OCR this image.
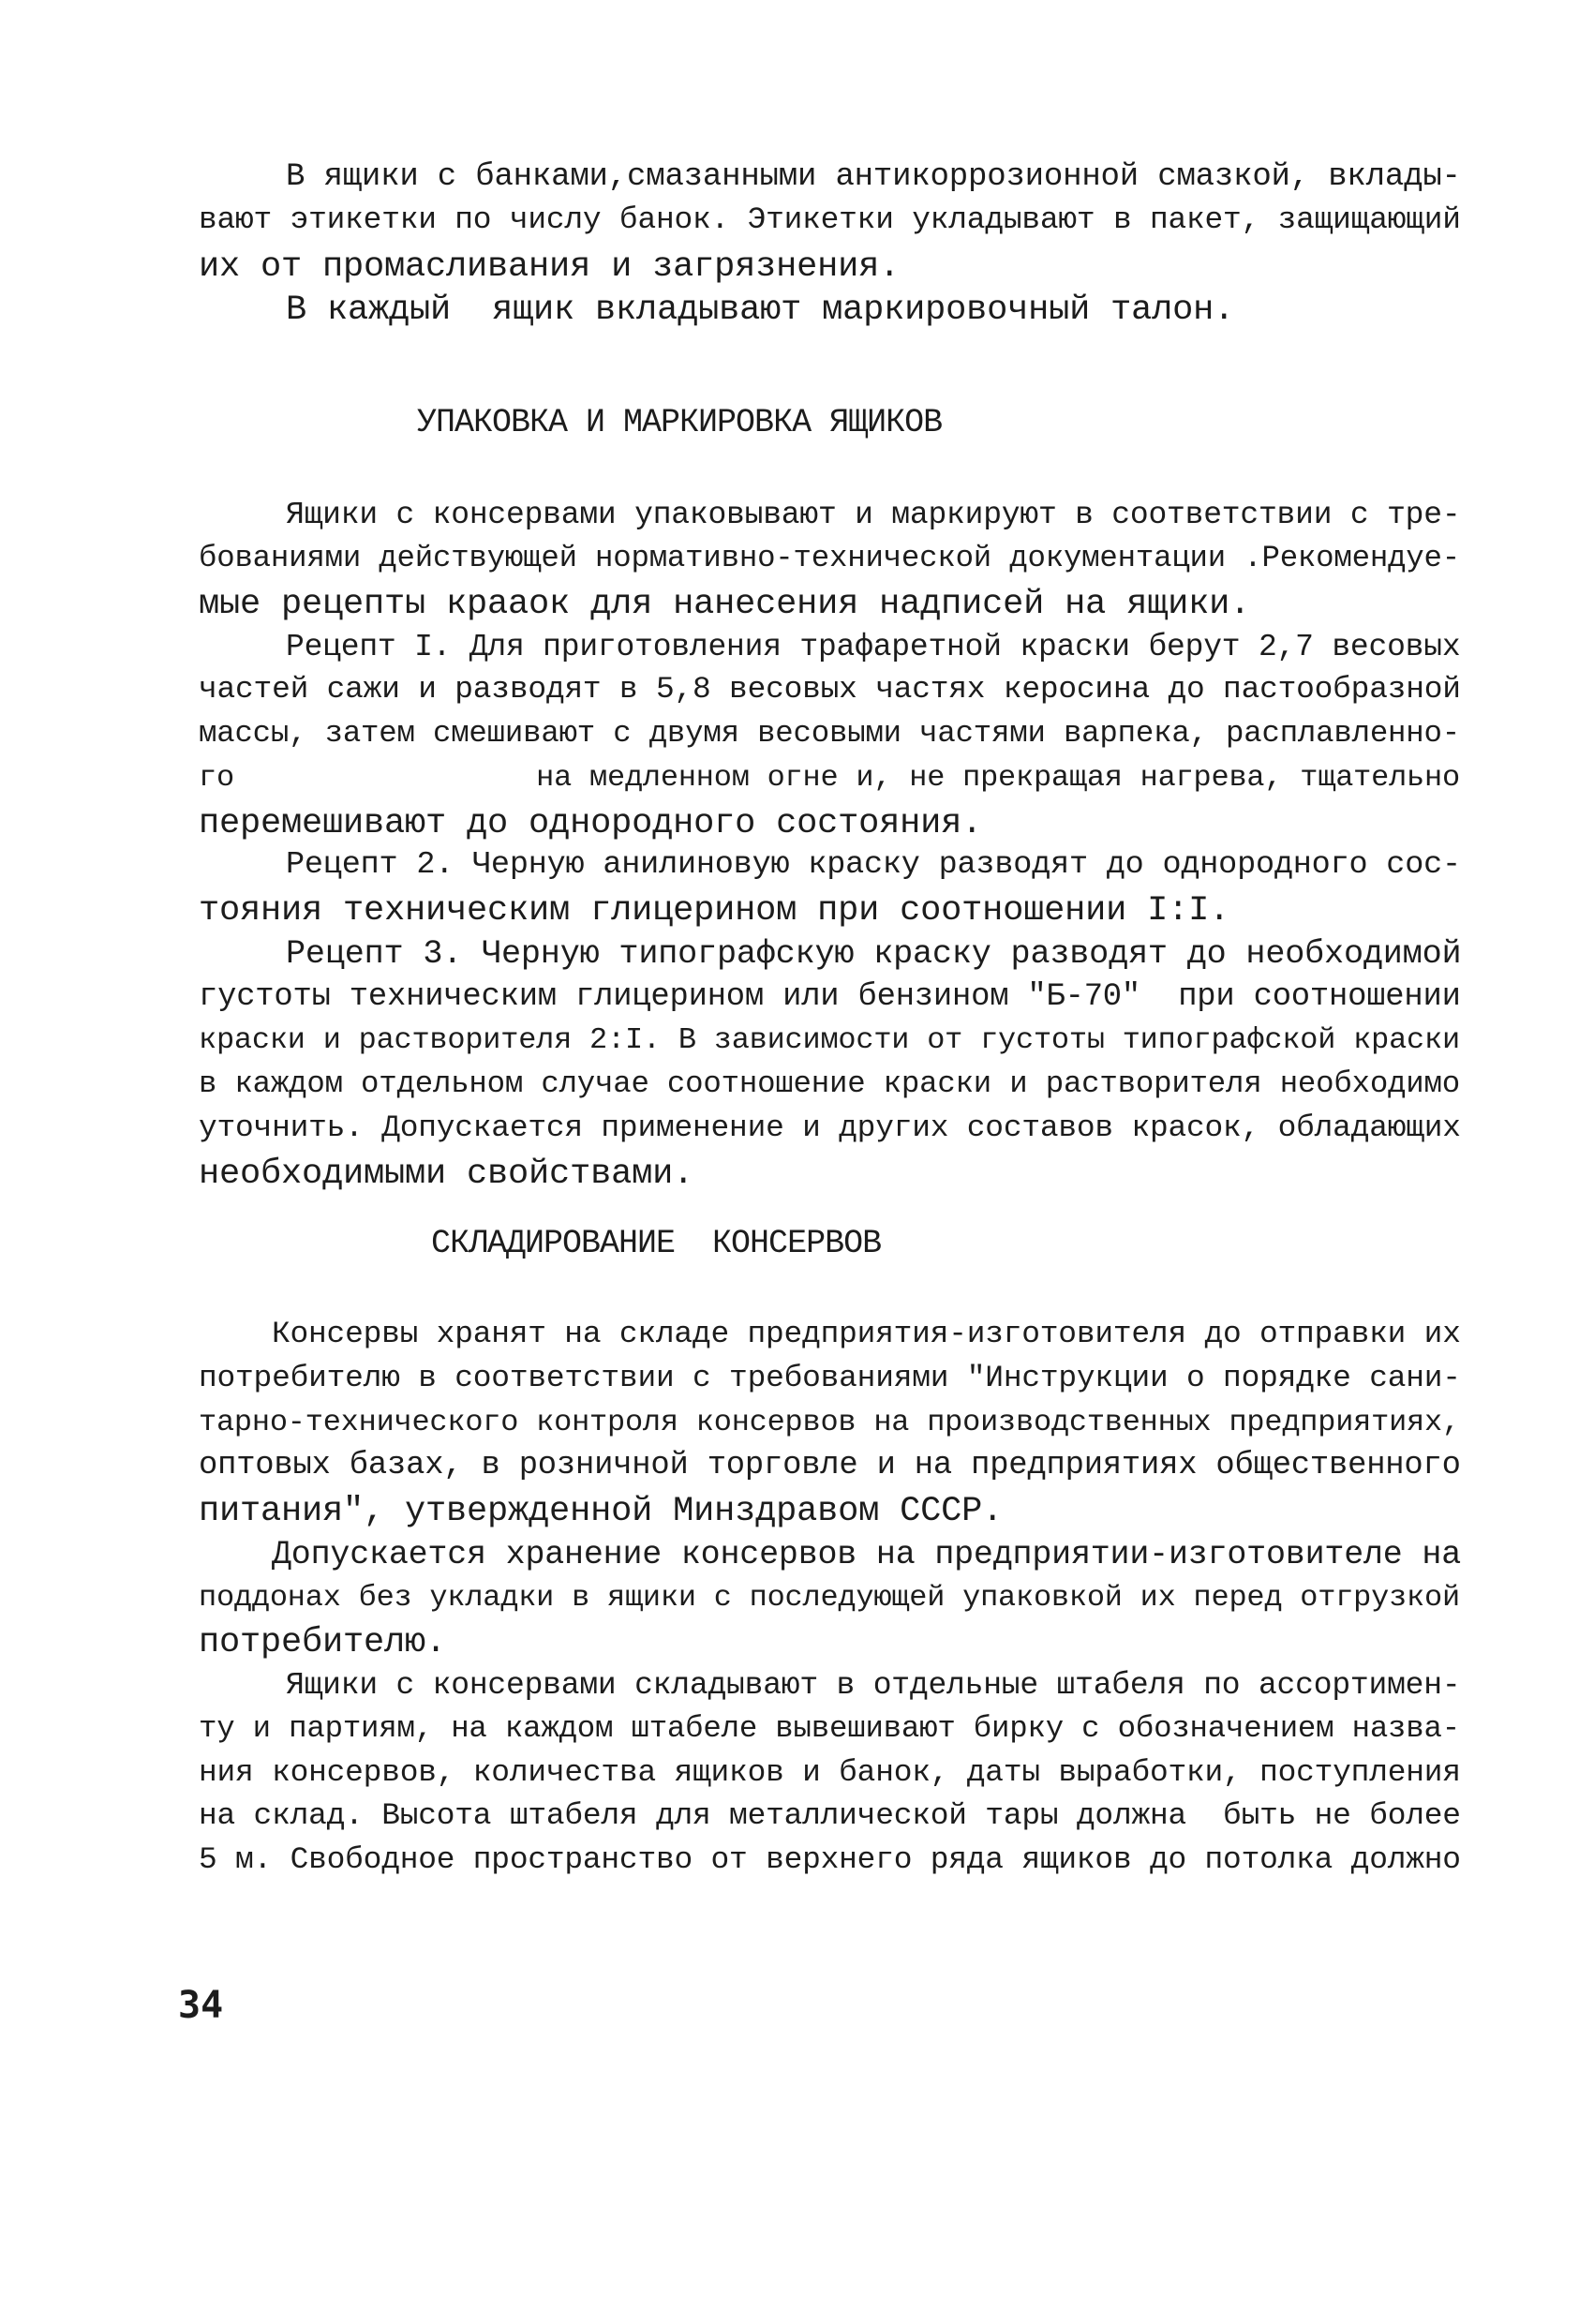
В ящики с банками,смазанными антикоррозионной смазкой, вклады-
вают этикетки по числу банок. Этикетки укладывают в пакет, защищающий
их от промасливания и загрязнения.
В каждый  ящик вкладывают маркировочный талон.
УПАКОВКА И МАРКИРОВКА ЯЩИКОВ
Ящики с консервами упаковывают и маркируют в соответствии с тре-
бованиями действующей нормативно-технической документации .Рекомендуе-
мые рецепты краaок для нанесения надписей на ящики.
Рецепт I. Для приготовления трафаретной краски берут 2,7 весовых
частей сажи и разводят в 5,8 весовых частях керосина до пастообразной
массы, затем смешивают с двумя весовыми частями варпека, расплавленно-
го                 на медленном огне и, не прекращая нагрева, тщательно
перемешивают до однородного состояния.
Рецепт 2. Черную анилиновую краску разводят до однородного сос-
тояния техническим глицерином при соотношении I:I.
Рецепт 3. Черную типографскую краску разводят до необходимой
густоты техническим глицерином или бензином "Б-70"  при соотношении
краски и растворителя 2:I. В зависимости от густоты типографской краски
в каждом отдельном случае соотношение краски и растворителя необходимо
уточнить. Допускается применение и других составов красок, обладающих
необходимыми свойствами.
СКЛАДИРОВАНИЕ  КОНСЕРВОВ
Консервы хранят на складе предприятия-изготовителя до отправки их
потребителю в соответствии с требованиями "Инструкции о порядке сани-
тарно-технического контроля консервов на производственных предприятиях,
оптовых базах, в розничной торговле и на предприятиях общественного
питания", утвержденной Минздравом СССР.
Допускается хранение консервов на предприятии-изготовителе на
поддонах без укладки в ящики с последующей упаковкой их перед отгрузкой
потребителю.
Ящики с консервами складывают в отдельные штабеля по ассортимен-
ту и партиям, на каждом штабеле вывешивают бирку с обозначением назва-
ния консервов, количества ящиков и банок, даты выработки, поступления
на склад. Высота штабеля для металлической тары должна  быть не более
5 м. Свободное пространство от верхнего ряда ящиков до потолка должно
34
